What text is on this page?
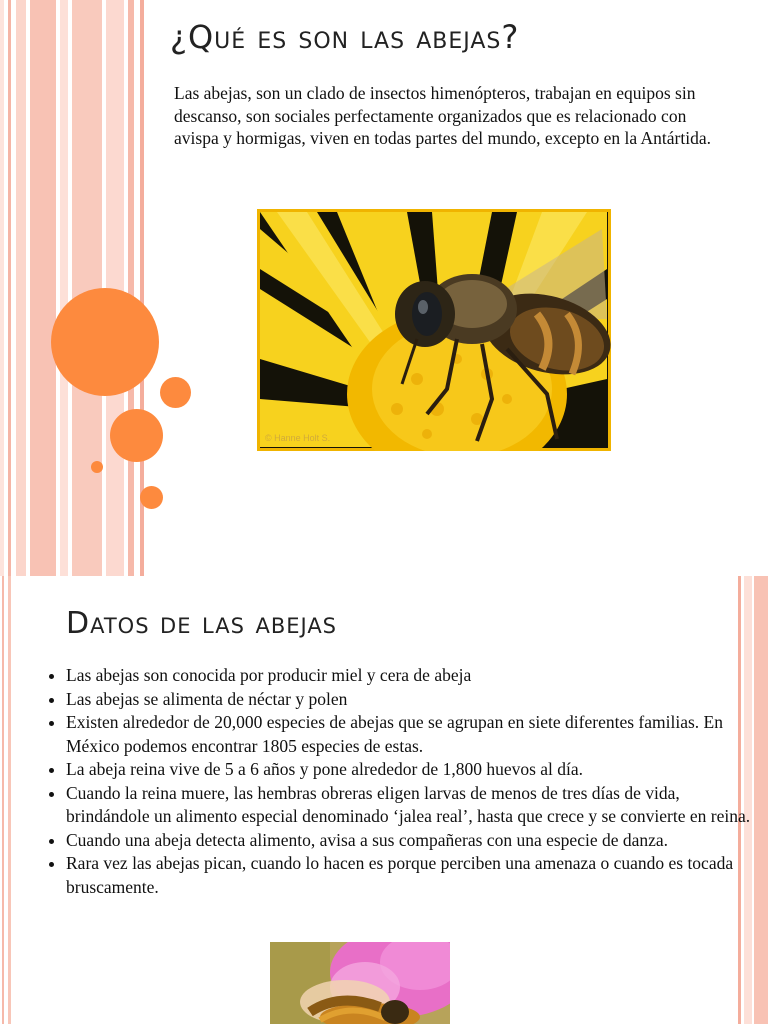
¿Qué es son las abejas?

Las abejas, son un clado de insectos himenópteros, trabajan en equipos sin descanso, son sociales perfectamente organizados que es relacionado con avispa y hormigas, viven en todas partes del mundo, excepto en la Antártida.

© Hanne Holt S.
Datos de las abejas
• Las abejas son conocida por producir miel y cera de abeja
• Las abejas se alimenta de néctar y polen
• Existen alrededor de 20,000 especies de abejas que se agrupan en siete diferentes familias. En México podemos encontrar 1805 especies de estas.
• La abeja reina vive de 5 a 6 años y pone alrededor de 1,800 huevos al día.
• Cuando la reina muere, las hembras obreras eligen larvas de menos de tres días de vida, brindándole un alimento especial denominado ‘jalea real’, hasta que crece y se convierte en reina.
• Cuando una abeja detecta alimento, avisa a sus compañeras con una especie de danza.
• Rara vez las abejas pican, cuando lo hacen es porque perciben una amenaza o cuando es tocada bruscamente.
